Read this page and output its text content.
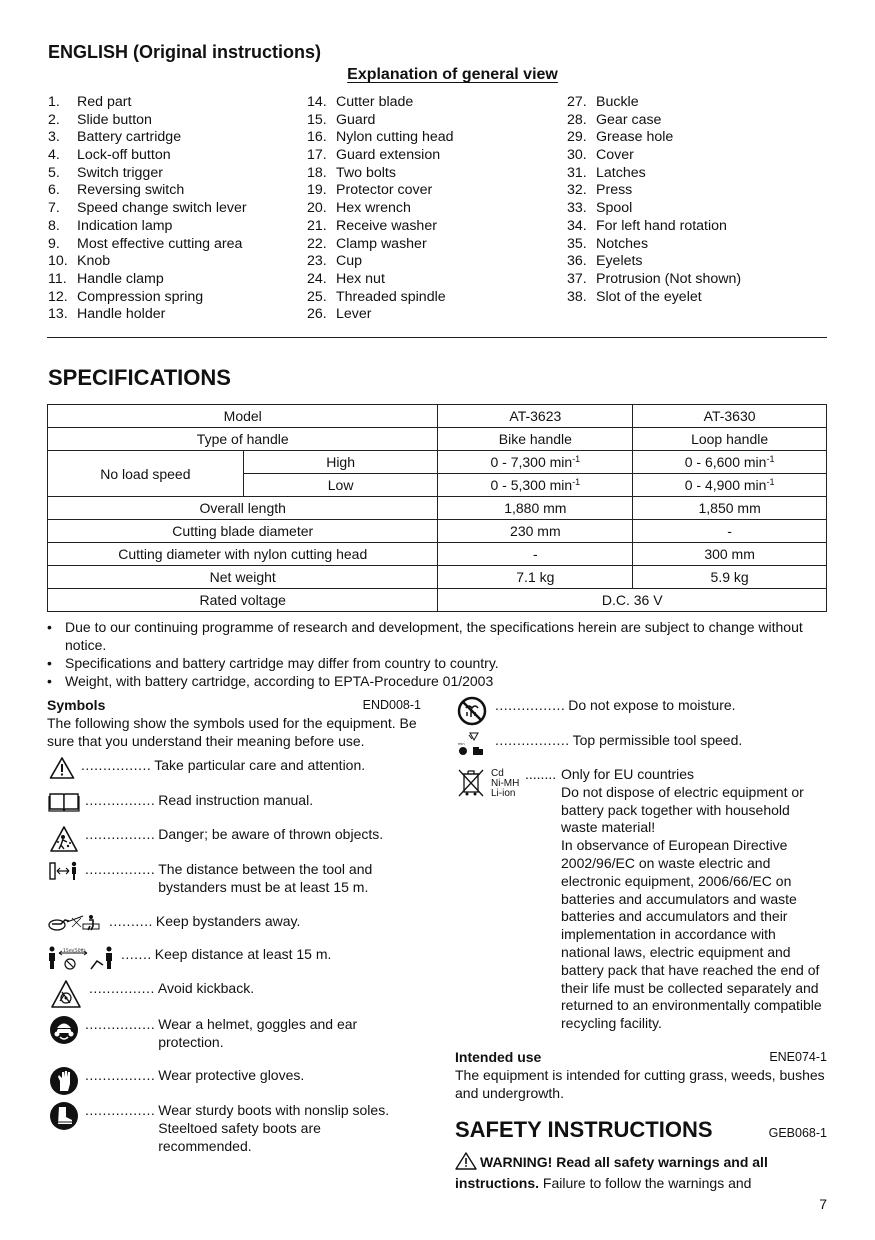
ENGLISH (Original instructions)
Explanation of general view
1. Red part
2. Slide button
3. Battery cartridge
4. Lock-off button
5. Switch trigger
6. Reversing switch
7. Speed change switch lever
8. Indication lamp
9. Most effective cutting area
10. Knob
11. Handle clamp
12. Compression spring
13. Handle holder
14. Cutter blade
15. Guard
16. Nylon cutting head
17. Guard extension
18. Two bolts
19. Protector cover
20. Hex wrench
21. Receive washer
22. Clamp washer
23. Cup
24. Hex nut
25. Threaded spindle
26. Lever
27. Buckle
28. Gear case
29. Grease hole
30. Cover
31. Latches
32. Press
33. Spool
34. For left hand rotation
35. Notches
36. Eyelets
37. Protrusion (Not shown)
38. Slot of the eyelet
SPECIFICATIONS
Model		AT-3623	AT-3630
Type of handle		Bike handle	Loop handle
No load speed	High	0 - 7,300 $\min^{-1}$	0 - 6,600 $\min^{-1}$
	Low	0 - 5,300 $\min^{-1}$	0 - 4,900 $\min^{-1}$
Overall length		1,880 mm	1,850 mm
Cutting blade diameter		230 mm	-
Cutting diameter with nylon cutting head		-	300 mm
Net weight		7.1 kg	5.9 kg
Rated voltage		D.C. 36 V	
• Due to our continuing programme of research and development, the specifications herein are subject to change without notice.
• Specifications and battery cartridge may differ from country to country.
• Weight, with battery cartridge, according to EPTA-Procedure 01/2003
Symbols	END008-1
The following show the symbols used for the equipment. Be sure that you understand their meaning before use.
................ Take particular care and attention.
................ Read instruction manual.
................ Danger; be aware of thrown objects.
................ The distance between the tool and bystanders must be at least 15 m.
.......... Keep bystanders away.
15m(50ft)	....... Keep distance at least 15 m.
............... Avoid kickback.
................ Wear a helmet, goggles and ear protection.
................ Wear protective gloves.
................ Wear sturdy boots with nonslip soles. Steeltoed safety boots are recommended.
................ Do not expose to moisture.
min ................. Top permissible tool speed.
Cd
Ni-MH
Li-ion
........ Only for EU countries
Do not dispose of electric equipment or battery pack together with household waste material!
In observance of European Directive 2002/96/EC on waste electric and electronic equipment, 2006/66/EC on batteries and accumulators and waste batteries and accumulators and their implementation in accordance with national laws, electric equipment and battery pack that have reached the end of their life must be collected separately and returned to an environmentally compatible recycling facility.
Intended use	ENE074-1
The equipment is intended for cutting grass, weeds, bushes and undergrowth.
SAFETY INSTRUCTIONS	GEB068-1
WARNING! Read all safety warnings and all instructions. Failure to follow the warnings and
7
